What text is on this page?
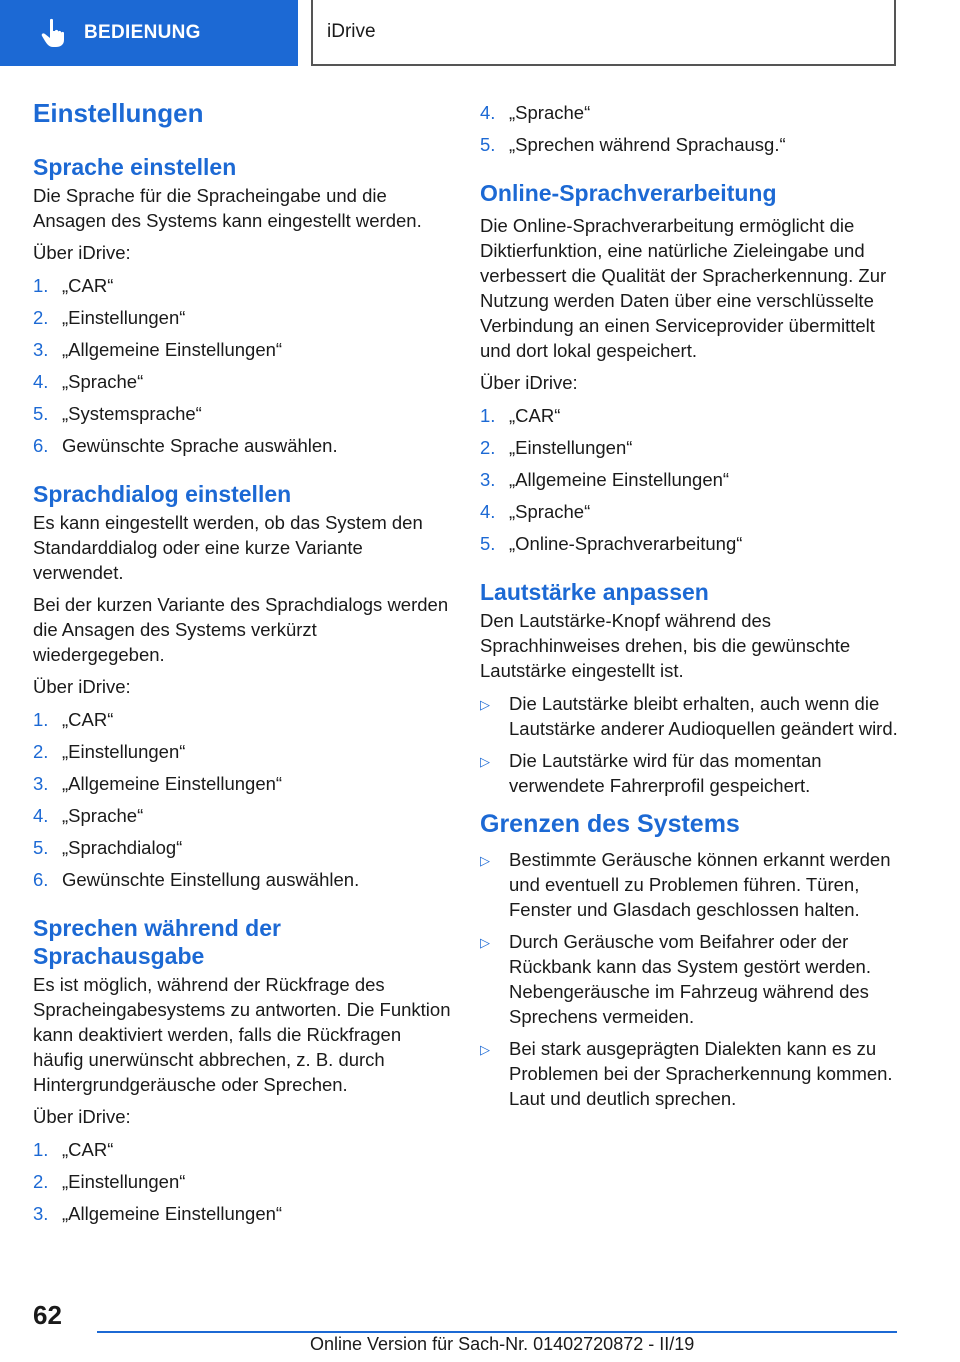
BEDIENUNG	iDrive
Einstellungen
Sprache einstellen

Die Sprache für die Spracheingabe und die Ansagen des Systems kann eingestellt werden.

Über iDrive:

1. „CAR“
2. „Einstellungen“
3. „Allgemeine Einstellungen“
4. „Sprache“
5. „Systemsprache“
6. Gewünschte Sprache auswählen.
Sprachdialog einstellen

Es kann eingestellt werden, ob das System den Standarddialog oder eine kurze Variante verwendet.

Bei der kurzen Variante des Sprachdialogs werden die Ansagen des Systems verkürzt wiedergegeben.

Über iDrive:

1. „CAR“
2. „Einstellungen“
3. „Allgemeine Einstellungen“
4. „Sprache“
5. „Sprachdialog“
6. Gewünschte Einstellung auswählen.
Sprechen während der Sprachausgabe

Es ist möglich, während der Rückfrage des Spracheingabesystems zu antworten. Die Funktion kann deaktiviert werden, falls die Rückfragen häufig unerwünscht abbrechen, z. B. durch Hintergrundgeräusche oder Sprechen.

Über iDrive:

1. „CAR“
2. „Einstellungen“
3. „Allgemeine Einstellungen“
4. „Sprache“
5. „Sprechen während Sprachausg.“
Online-Sprachverarbeitung

Die Online-Sprachverarbeitung ermöglicht die Diktierfunktion, eine natürliche Zieleingabe und verbessert die Qualität der Spracherkennung. Zur Nutzung werden Daten über eine verschlüsselte Verbindung an einen Serviceprovider übermittelt und dort lokal gespeichert.

Über iDrive:

1. „CAR“
2. „Einstellungen“
3. „Allgemeine Einstellungen“
4. „Sprache“
5. „Online-Sprachverarbeitung“
Lautstärke anpassen

Den Lautstärke-Knopf während des Sprachhinweises drehen, bis die gewünschte Lautstärke eingestellt ist.

▷	Die Lautstärke bleibt erhalten, auch wenn die Lautstärke anderer Audioquellen geändert wird.
▷	Die Lautstärke wird für das momentan verwendete Fahrerprofil gespeichert.
Grenzen des Systems
▷	Bestimmte Geräusche können erkannt werden und eventuell zu Problemen führen. Türen, Fenster und Glasdach geschlossen halten.
▷	Durch Geräusche vom Beifahrer oder der Rückbank kann das System gestört werden. Nebengeräusche im Fahrzeug während des Sprechens vermeiden.
▷	Bei stark ausgeprägten Dialekten kann es zu Problemen bei der Spracherkennung kommen. Laut und deutlich sprechen.
62
Online Version für Sach-Nr. 01402720872 - II/19
